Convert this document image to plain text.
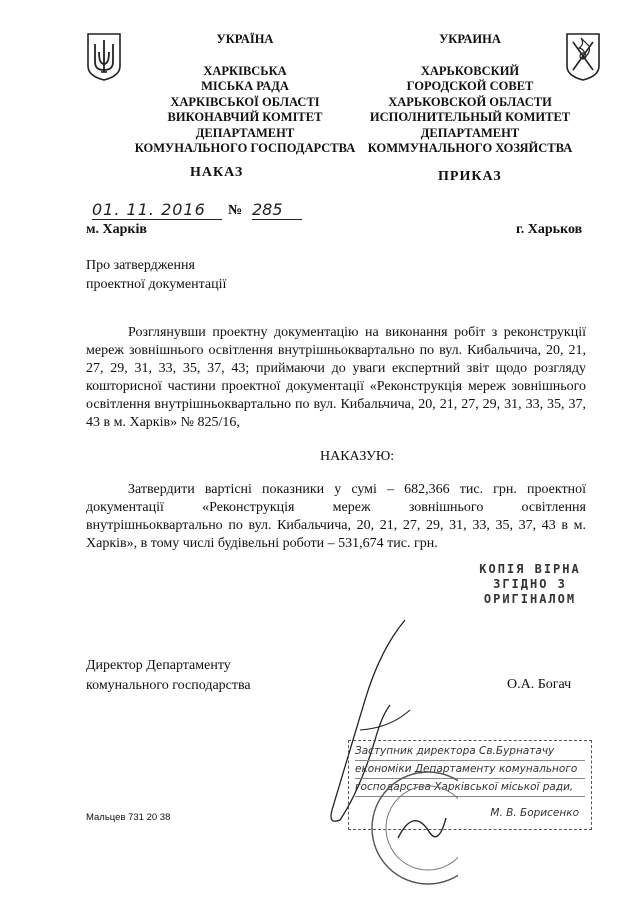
УКРАЇНА
ХАРКІВСЬКА
МІСЬКА РАДА
ХАРКІВСЬКОЇ ОБЛАСТІ
ВИКОНАВЧИЙ КОМІТЕТ
ДЕПАРТАМЕНТ
КОМУНАЛЬНОГО ГОСПОДАРСТВА
УКРАИНА
ХАРЬКОВСКИЙ
ГОРОДСКОЙ СОВЕТ
ХАРЬКОВСКОЙ ОБЛАСТИ
ИСПОЛНИТЕЛЬНЫЙ КОМИТЕТ
ДЕПАРТАМЕНТ
КОММУНАЛЬНОГО ХОЗЯЙСТВА
НАКАЗ	ПРИКАЗ
01. 11. 2016	№ 285
м. Харків	г. Харьков
Про затвердження
проектної документації
Розглянувши проектну документацію на виконання робіт з реконструкції мереж зовнішнього освітлення внутрішньоквартально по вул. Кибальчича, 20, 21, 27, 29, 31, 33, 35, 37, 43; приймаючи до уваги експертний звіт щодо розгляду кошторисної частини проектної документації «Реконструкція мереж зовнішнього освітлення внутрішньоквартально по вул. Кибальчича, 20, 21, 27, 29, 31, 33, 35, 37, 43 в м. Харків» № 825/16,
НАКАЗУЮ:
Затвердити вартісні показники у сумі – 682,366 тис. грн. проектної документації «Реконструкція мереж зовнішнього освітлення внутрішньоквартально по вул. Кибальчича, 20, 21, 27, 29, 31, 33, 35, 37, 43 в м. Харків», в тому числі будівельні роботи – 531,674 тис. грн.
КОПІЯ ВІРНА
ЗГІДНО З
ОРИГІНАЛОМ
Директор Департаменту
комунального господарства	О.А. Богач
Заступник директора Св.Бурнатачу
економіки Департаменту комунального
господарства Харківської міської ради,
М. В. Борисенко
Мальцев 731 20 38
